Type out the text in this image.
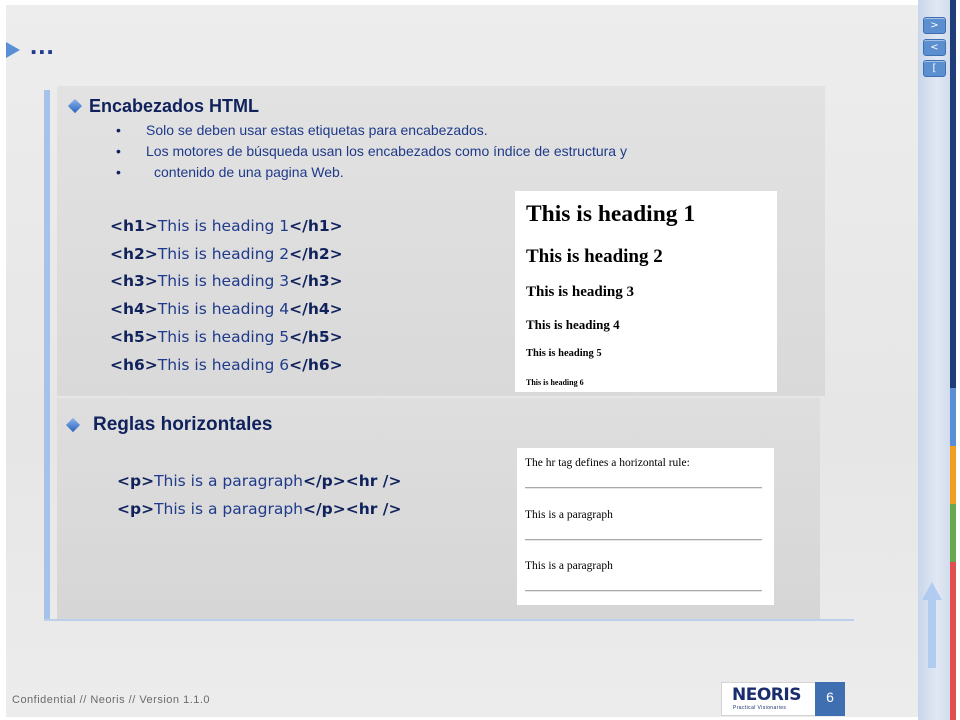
>
<
[
...
Encabezados HTML
• Solo se deben usar estas etiquetas para encabezados.
• Los motores de búsqueda usan los encabezados como índice de estructura y
• contenido de una pagina Web.
<h1>This is heading 1</h1>
<h2>This is heading 2</h2>
<h3>This is heading 3</h3>
<h4>This is heading 4</h4>
<h5>This is heading 5</h5>
<h6>This is heading 6</h6>

This is heading 1

This is heading 2

This is heading 3

This is heading 4

This is heading 5

This is heading 6

Reglas horizontales
<p>This is a paragraph</p><hr />
<p>This is a paragraph</p><hr />

The hr tag defines a horizontal rule:

This is a paragraph

This is a paragraph

Confidential // Neoris // Version 1.1.0	NEORIS
Practical Visionaries
6
